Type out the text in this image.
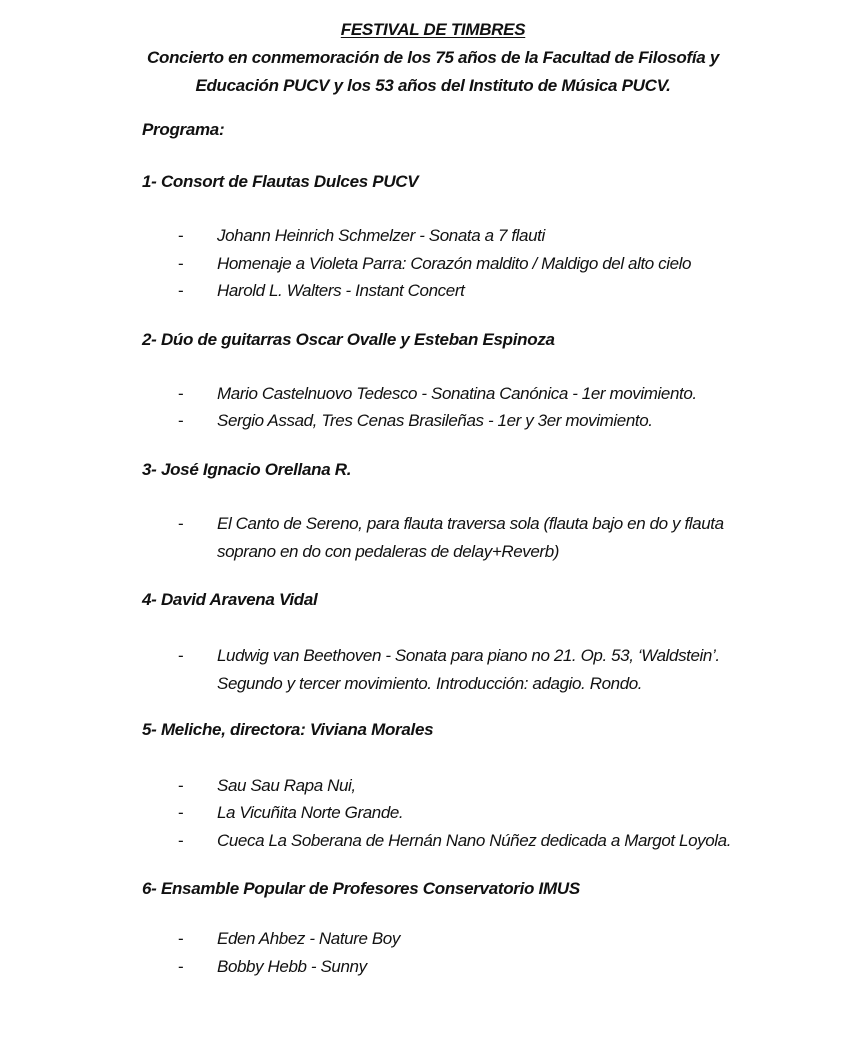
FESTIVAL DE TIMBRES
Concierto en conmemoración de los 75 años de la Facultad de Filosofía y
Educación PUCV y los 53 años del Instituto de Música PUCV.
Programa:
1- Consort de Flautas Dulces PUCV
- Johann Heinrich Schmelzer - Sonata a 7 flauti
- Homenaje a Violeta Parra: Corazón maldito / Maldigo del alto cielo
- Harold L. Walters - Instant Concert
2- Dúo de guitarras Oscar Ovalle y Esteban Espinoza
- Mario Castelnuovo Tedesco - Sonatina Canónica - 1er movimiento.
- Sergio Assad, Tres Cenas Brasileñas - 1er y 3er movimiento.
3- José Ignacio Orellana R.
- El Canto de Sereno, para flauta traversa sola (flauta bajo en do y flauta
soprano en do con pedaleras de delay+Reverb)
4- David Aravena Vidal
- Ludwig van Beethoven - Sonata para piano no 21. Op. 53, ‘Waldstein’.
Segundo y tercer movimiento. Introducción: adagio. Rondo.
5- Meliche, directora: Viviana Morales
- Sau Sau Rapa Nui,
- La Vicuñita Norte Grande.
- Cueca La Soberana de Hernán Nano Núñez dedicada a Margot Loyola.
6- Ensamble Popular de Profesores Conservatorio IMUS
- Eden Ahbez - Nature Boy
- Bobby Hebb - Sunny
